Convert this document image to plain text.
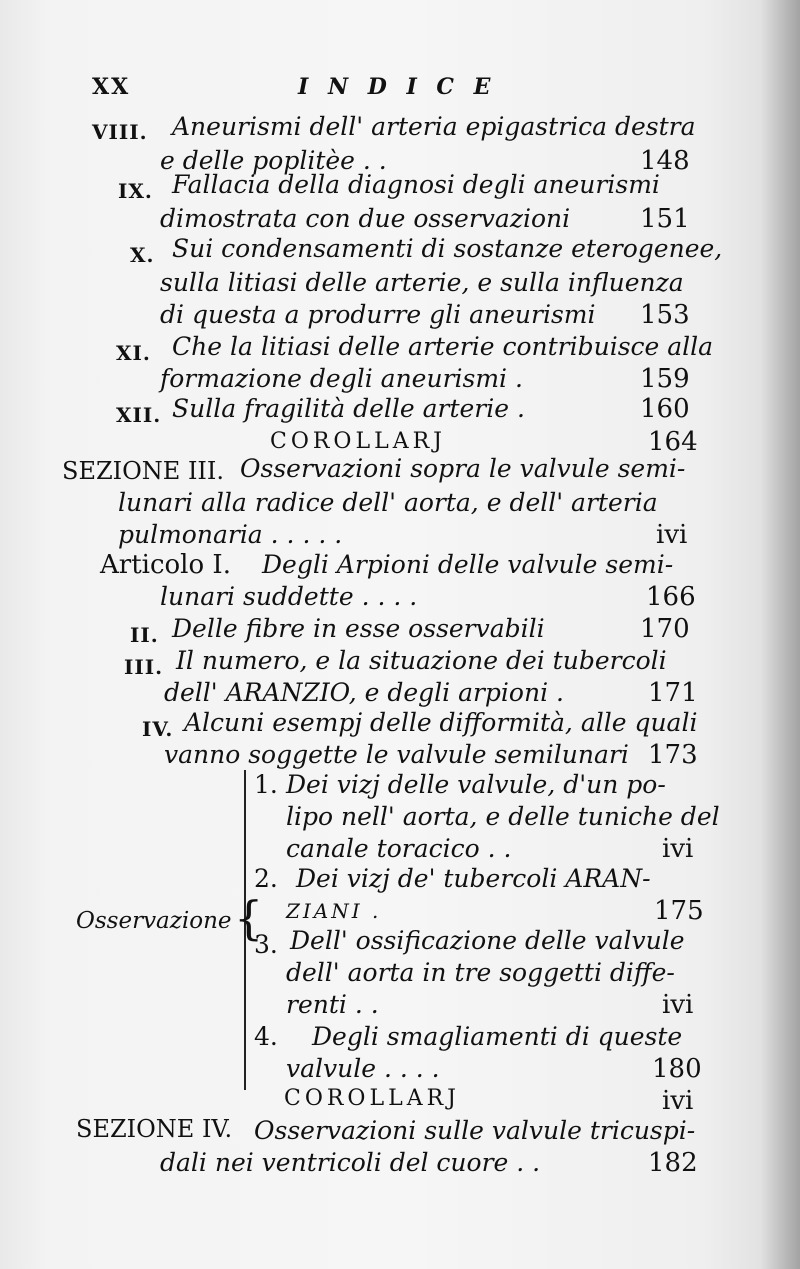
XX	I N D I C E
VIII. Aneurismi dell' arteria epigastrica destra
e delle poplitèe . .	148
IX. Fallacia della diagnosi degli aneurismi
dimostrata con due osservazioni	151
X. Sui condensamenti di sostanze eterogenee,
sulla litiasi delle arterie, e sulla influenza
di questa a produrre gli aneurismi 153
XI. Che la litiasi delle arterie contribuisce alla
formazione degli aneurismi .	159
XII. Sulla fragilità delle arterie .	160
COROLLARJ	164
SEZIONE III. Osservazioni sopra le valvule semi-
lunari alla radice dell' aorta, e dell' arteria
pulmonaria . . . . .	ivi
Articolo I. Degli Arpioni delle valvule semi-
lunari suddette . . . .	166
II. Delle fibre in esse osservabili	170
III. Il numero, e la situazione dei tubercoli
dell' ARANZIO, e degli arpioni .	171
IV. Alcuni esempj delle difformità, alle quali
vanno soggette le valvule semilunari 173
Osservazione {
1. Dei vizj delle valvule, d'un po-
lipo nell' aorta, e delle tuniche del
canale toracico . .	ivi
2. Dei vizj de' tubercoli ARAN-
ZIANI .	175
3. Dell' ossificazione delle valvule
dell' aorta in tre soggetti diffe-
renti . .	ivi
4. Degli smagliamenti di queste
valvule . . . .	180
COROLLARJ	ivi
SEZIONE IV. Osservazioni sulle valvule tricuspi-
dali nei ventricoli del cuore . .	182
